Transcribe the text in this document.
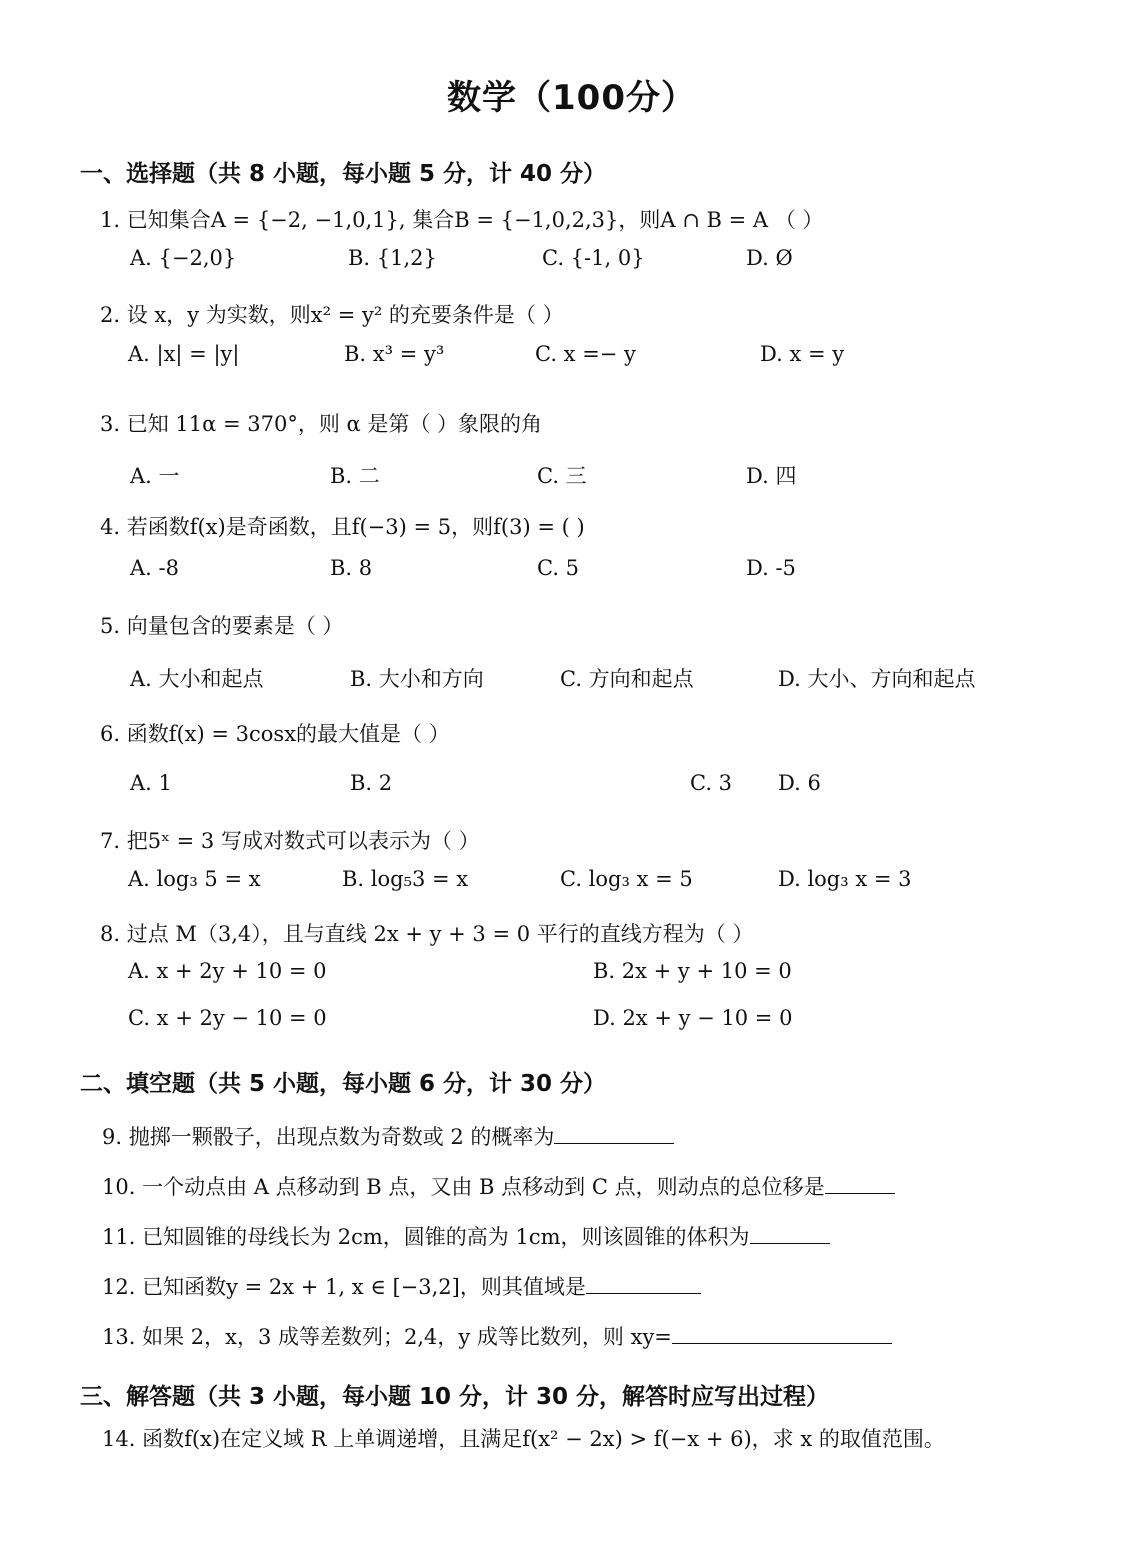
数学（100分）
一、选择题（共 8 小题，每小题 5 分，计 40 分）
1. 已知集合A = {−2, −1,0,1}, 集合B = {−1,0,2,3}，则A ∩ B = A （ ）
A. {−2,0}	B. {1,2}	C. {-1, 0}	D. Ø
2. 设 x，y 为实数，则x² = y² 的充要条件是（ ）
A. |x| = |y|	B. x³ = y³	C. x =− y	D. x = y
3. 已知 11α = 370°，则 α 是第（ ）象限的角
A. 一	B. 二	C. 三	D. 四
4. 若函数f(x)是奇函数，且f(−3) = 5，则f(3) = ( )
A. -8	B. 8	C. 5	D. -5
5. 向量包含的要素是（ ）
A. 大小和起点	B. 大小和方向	C. 方向和起点	D. 大小、方向和起点
6. 函数f(x) = 3cosx的最大值是（ ）
A. 1	B. 2	C. 3 D. 6
7. 把5ˣ = 3 写成对数式可以表示为（ ）
A. log₃ 5 = x	B. log₅3 = x	C. log₃ x = 5	D. log₃ x = 3
8. 过点 M（3,4），且与直线 2x + y + 3 = 0 平行的直线方程为（ ）
A. x + 2y + 10 = 0	B. 2x + y + 10 = 0
C. x + 2y − 10 = 0	D. 2x + y − 10 = 0
二、填空题（共 5 小题，每小题 6 分，计 30 分）
9. 抛掷一颗骰子，出现点数为奇数或 2 的概率为
10. 一个动点由 A 点移动到 B 点，又由 B 点移动到 C 点，则动点的总位移是
11. 已知圆锥的母线长为 2cm，圆锥的高为 1cm，则该圆锥的体积为
12. 已知函数y = 2x + 1, x ∈ [−3,2]，则其值域是
13. 如果 2，x，3 成等差数列；2,4，y 成等比数列，则 xy=
三、解答题（共 3 小题，每小题 10 分，计 30 分，解答时应写出过程）
14. 函数f(x)在定义域 R 上单调递增，且满足f(x² − 2x) > f(−x + 6)，求 x 的取值范围。
